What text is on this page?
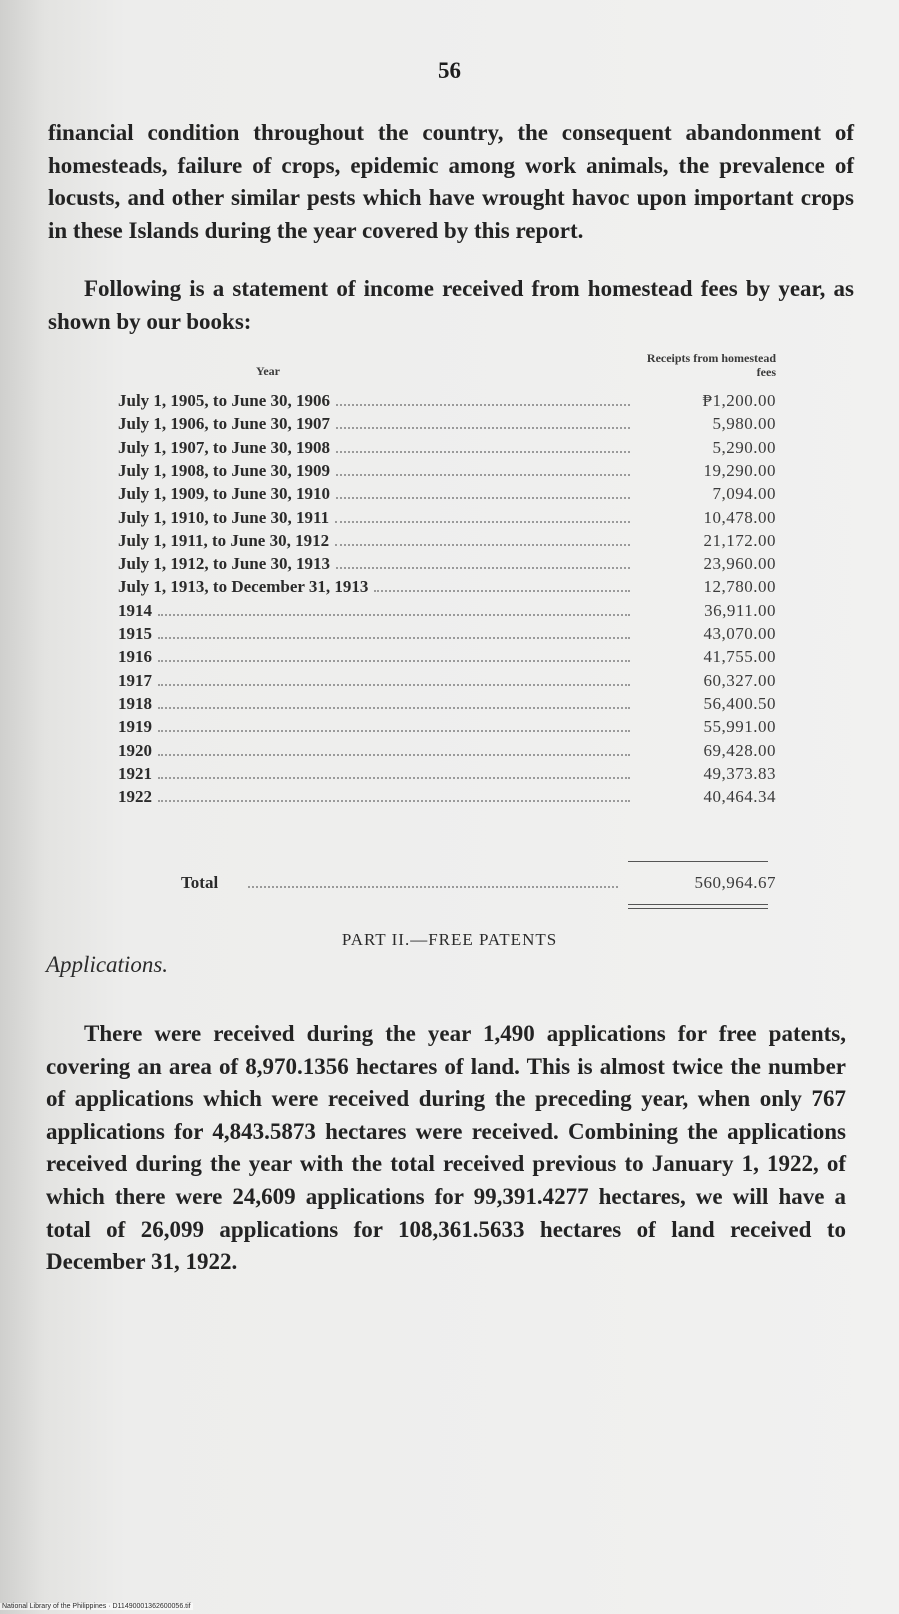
56

financial condition throughout the country, the consequent abandonment of homesteads, failure of crops, epidemic among work animals, the prevalence of locusts, and other similar pests which have wrought havoc upon important crops in these Islands during the year covered by this report.

Following is a statement of income received from homestead fees by year, as shown by our books:

Year
Receipts from homestead fees
July 1, 1905, to June 30, 1906	₱1,200.00
July 1, 1906, to June 30, 1907	5,980.00
July 1, 1907, to June 30, 1908	5,290.00
July 1, 1908, to June 30, 1909	19,290.00
July 1, 1909, to June 30, 1910	7,094.00
July 1, 1910, to June 30, 1911	10,478.00
July 1, 1911, to June 30, 1912	21,172.00
July 1, 1912, to June 30, 1913	23,960.00
July 1, 1913, to December 31, 1913	12,780.00
1914	36,911.00
1915	43,070.00
1916	41,755.00
1917	60,327.00
1918	56,400.50
1919	55,991.00
1920	69,428.00
1921	49,373.83
1922	40,464.34
Total	560,964.67
PART II.—FREE PATENTS
Applications.

There were received during the year 1,490 applications for free patents, covering an area of 8,970.1356 hectares of land. This is almost twice the number of applications which were received during the preceding year, when only 767 applications for 4,843.5873 hectares were received. Combining the applications received during the year with the total received previous to January 1, 1922, of which there were 24,609 applications for 99,391.4277 hectares, we will have a total of 26,099 applications for 108,361.5633 hectares of land received to December 31, 1922.

National Library of the Philippines · D11490001362600056.tif
